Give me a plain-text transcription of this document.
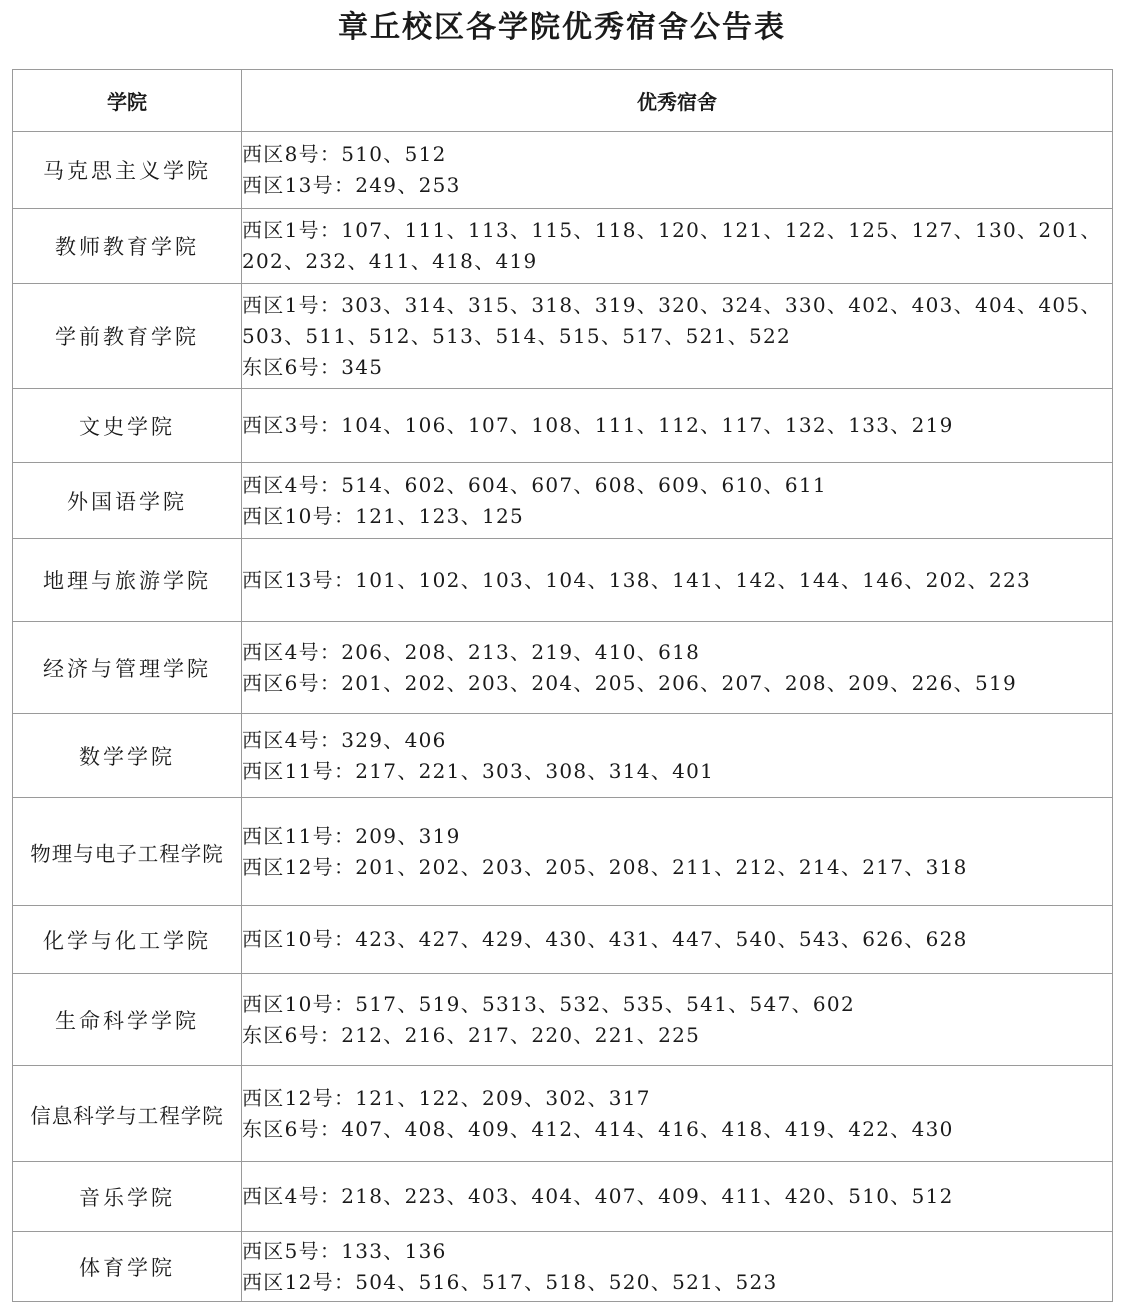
章丘校区各学院优秀宿舍公告表
学院	优秀宿舍
马克思主义学院	西区8号：510、512
西区13号：249、253

教师教育学院	西区1号：107、111、113、115、118、120、121、122、125、127、130、201、202、232、411、418、419

学前教育学院	西区1号：303、314、315、318、319、320、324、330、402、403、404、405、503、511、512、513、514、515、517、521、522
东区6号：345

文史学院	西区3号：104、106、107、108、111、112、117、132、133、219

外国语学院	西区4号：514、602、604、607、608、609、610、611
西区10号：121、123、125

地理与旅游学院	西区13号：101、102、103、104、138、141、142、144、146、202、223

经济与管理学院	西区4号：206、208、213、219、410、618
西区6号：201、202、203、204、205、206、207、208、209、226、519

数学学院	西区4号：329、406
西区11号：217、221、303、308、314、401

物理与电子工程学院	西区11号：209、319
西区12号：201、202、203、205、208、211、212、214、217、318

化学与化工学院	西区10号：423、427、429、430、431、447、540、543、626、628

生命科学学院	西区10号：517、519、5313、532、535、541、547、602
东区6号：212、216、217、220、221、225

信息科学与工程学院	西区12号：121、122、209、302、317
东区6号：407、408、409、412、414、416、418、419、422、430

音乐学院	西区4号：218、223、403、404、407、409、411、420、510、512

体育学院	西区5号：133、136
西区12号：504、516、517、518、520、521、523
